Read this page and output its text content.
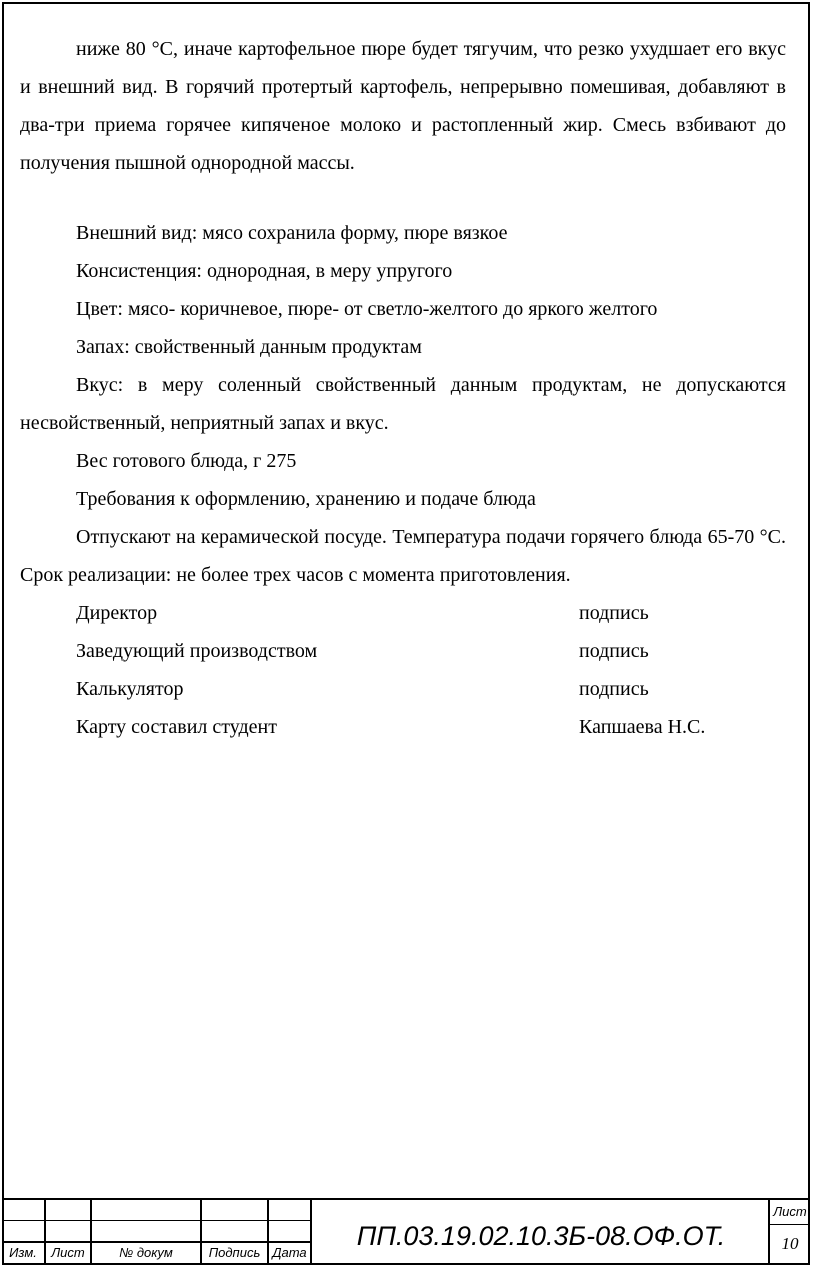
ниже 80 °С, иначе картофельное пюре будет тягучим, что резко ухудшает его вкус и внешний вид. В горячий протертый картофель, непрерывно помешивая, добавляют в два-три приема горячее кипяченое молоко и растопленный жир. Смесь взбивают до получения пышной однородной массы.

Внешний вид: мясо сохранила форму, пюре вязкое

Консистенция: однородная, в меру упругого

Цвет: мясо- коричневое, пюре- от светло-желтого до яркого желтого

Запах: свойственный данным продуктам

Вкус: в меру соленный свойственный данным продуктам, не допускаются несвойственный, неприятный запах и вкус.

Вес готового блюда, г 275

Требования к оформлению, хранению и подаче блюда

Отпускают на керамической посуде. Температура подачи горячего блюда 65-70 °С. Срок реализации: не более трех часов с момента приготовления.

Директор	подпись
Заведующий производством	подпись
Калькулятор	подпись
Карту составил студент	Капшаева Н.С.
Изм.	Лист	№ докум	Подпись Дата
ПП.03.19.02.10.3Б-08.ОФ.ОТ.
Лист
10
